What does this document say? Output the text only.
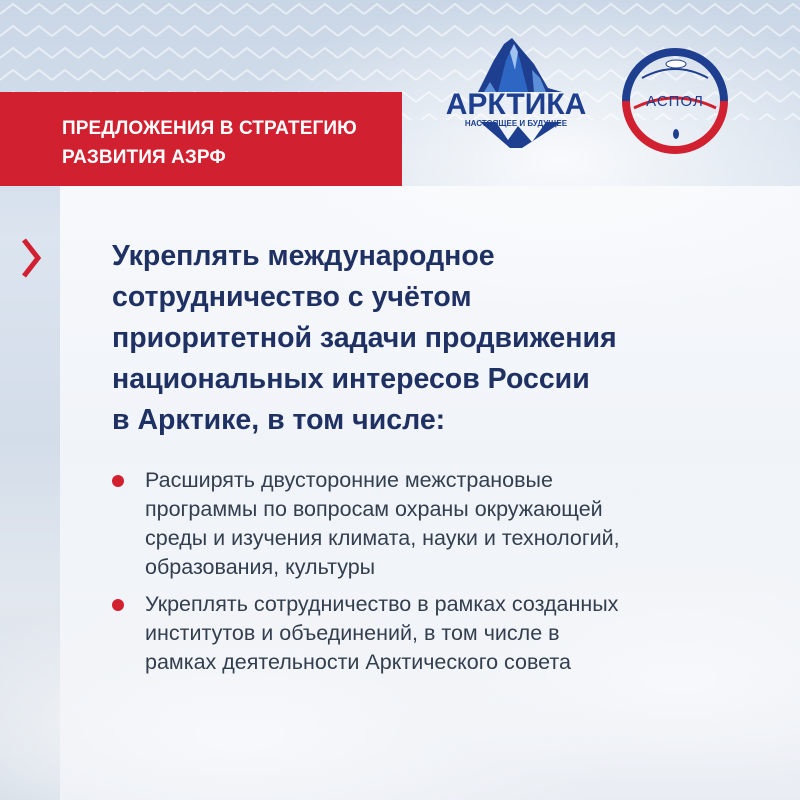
ПРЕДЛОЖЕНИЯ В СТРАТЕГИЮ
РАЗВИТИЯ АЗРФ
АРКТИКА
НАСТОЯЩЕЕ И БУДУЩЕЕ
АСПОЛ
Укреплять международное
сотрудничество с учётом
приоритетной задачи продвижения
национальных интересов России
в Арктике, в том числе:
Расширять двусторонние межстрановые
программы по вопросам охраны окружающей
среды и изучения климата, науки и технологий,
образования, культуры
Укреплять сотрудничество в рамках созданных
институтов и объединений, в том числе в
рамках деятельности Арктического совета
